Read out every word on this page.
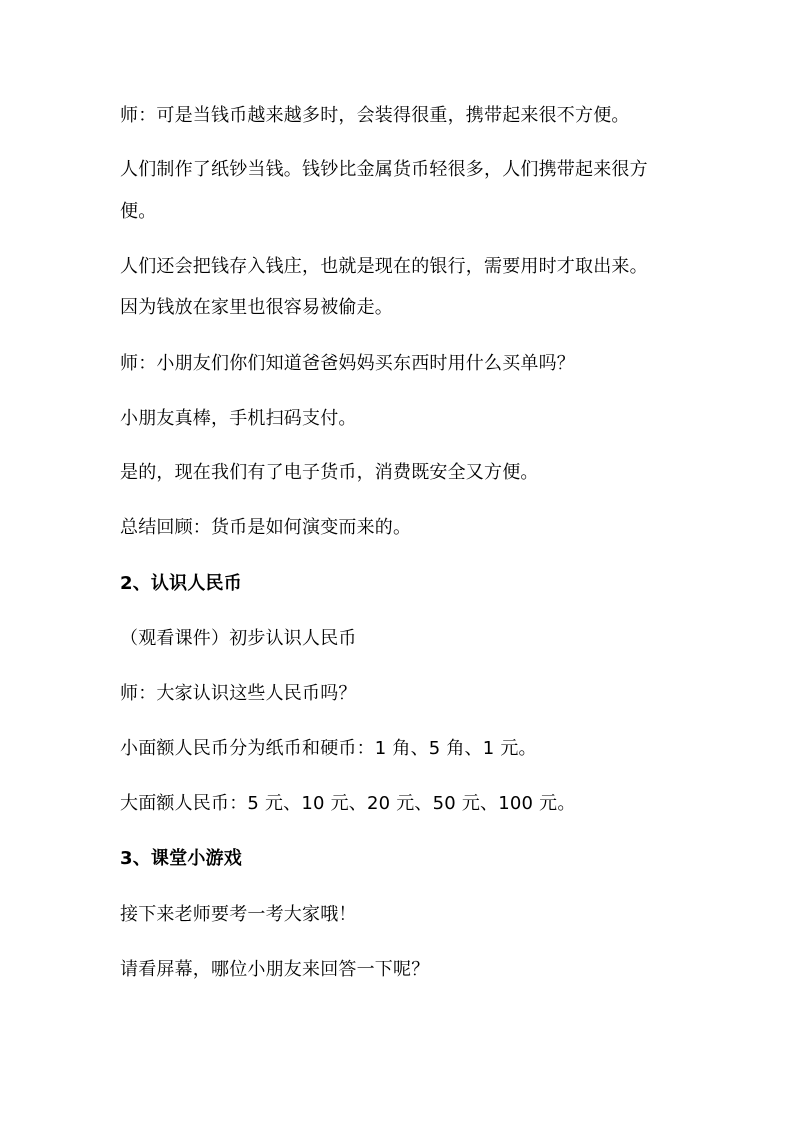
师：可是当钱币越来越多时，会装得很重，携带起来很不方便。
人们制作了纸钞当钱。钱钞比金属货币轻很多，人们携带起来很方
便。
人们还会把钱存入钱庄，也就是现在的银行，需要用时才取出来。
因为钱放在家里也很容易被偷走。
师：小朋友们你们知道爸爸妈妈买东西时用什么买单吗？
小朋友真棒，手机扫码支付。
是的，现在我们有了电子货币，消费既安全又方便。
总结回顾：货币是如何演变而来的。
2、认识人民币
（观看课件）初步认识人民币
师：大家认识这些人民币吗？
小面额人民币分为纸币和硬币：1 角、5 角、1 元。
大面额人民币：5 元、10 元、20 元、50 元、100 元。
3、课堂小游戏
接下来老师要考一考大家哦！
请看屏幕，哪位小朋友来回答一下呢？
